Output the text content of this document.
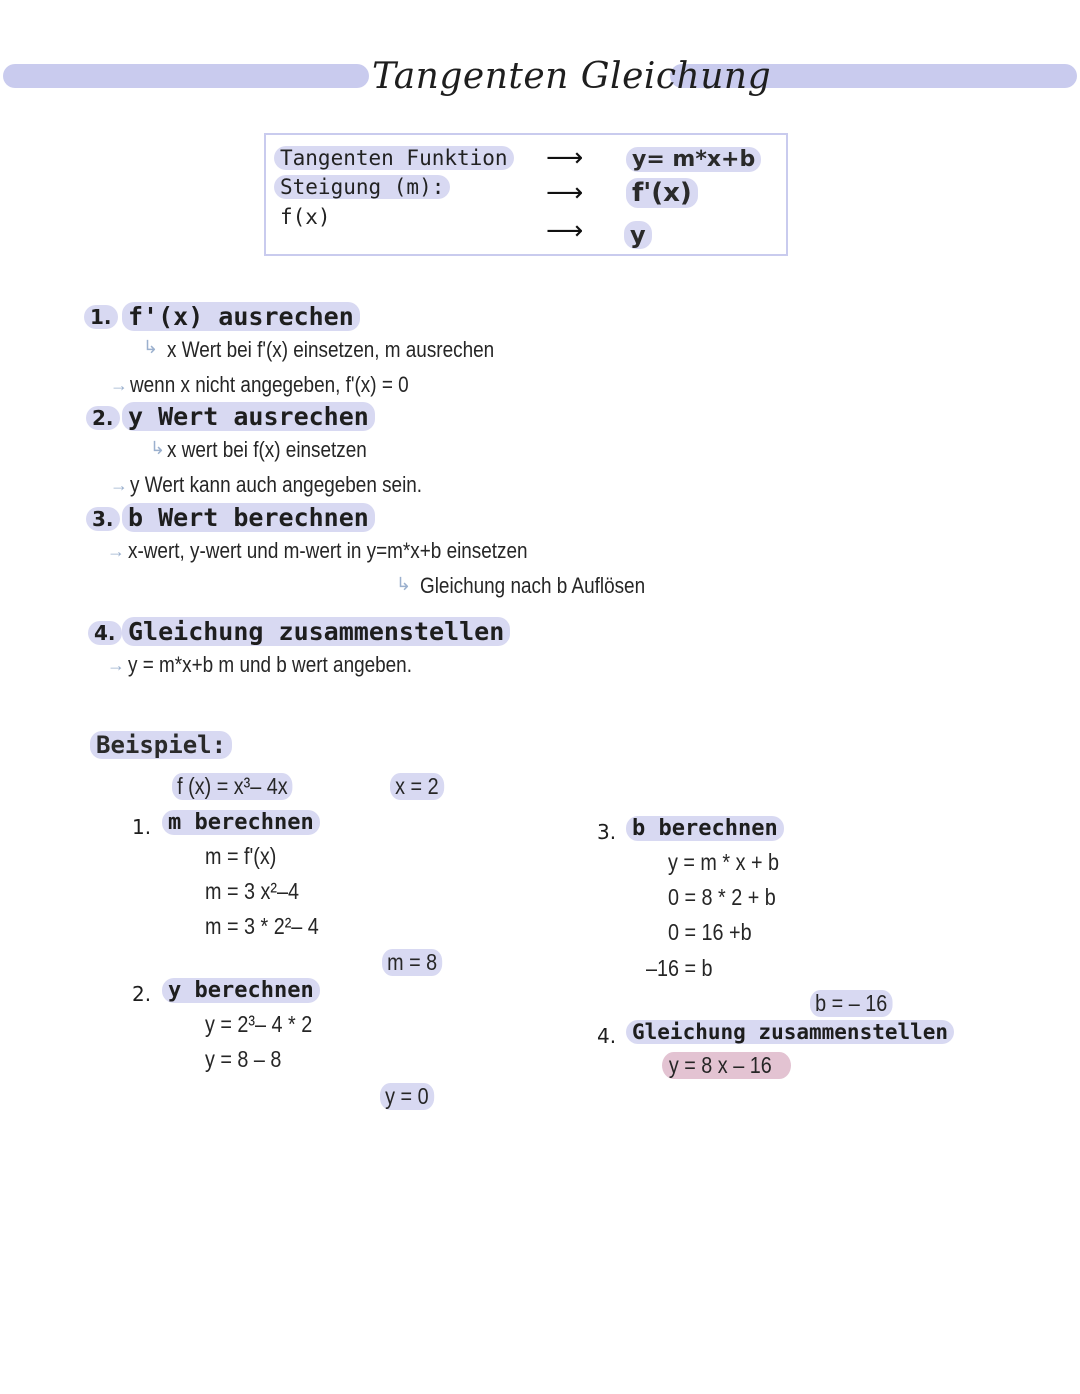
Tangenten Gleichung
Tangenten Funktion
Steigung (m):
f(x)
⟶
⟶
⟶
y= m*x+b
f'(x)
y
1. f'(x) ausrechen
↳ x Wert bei f'(x) einsetzen, m ausrechen
→ wenn x nicht angegeben, f'(x) = 0
2. y Wert ausrechen
↳ x wert bei f(x) einsetzen
→ y Wert kann auch angegeben sein.
3. b Wert berechnen
→ x-wert, y-wert und m-wert in y=m*x+b einsetzen
↳ Gleichung nach b Auflösen
4. Gleichung zusammenstellen
→ y = m*x+b m und b wert angeben.
Beispiel:
f (x) = x³– 4x	x = 2
1. m berechnen
m = f'(x)
m = 3 x²–4
m = 3 * 2²– 4
m = 8
2. y berechnen
y = 2³– 4 * 2
y = 8 – 8
y = 0
3. b berechnen
y = m * x + b
0 = 8 * 2 + b
0 = 16 +b
–16 = b
b = – 16
4. Gleichung zusammenstellen
y = 8 x – 16
